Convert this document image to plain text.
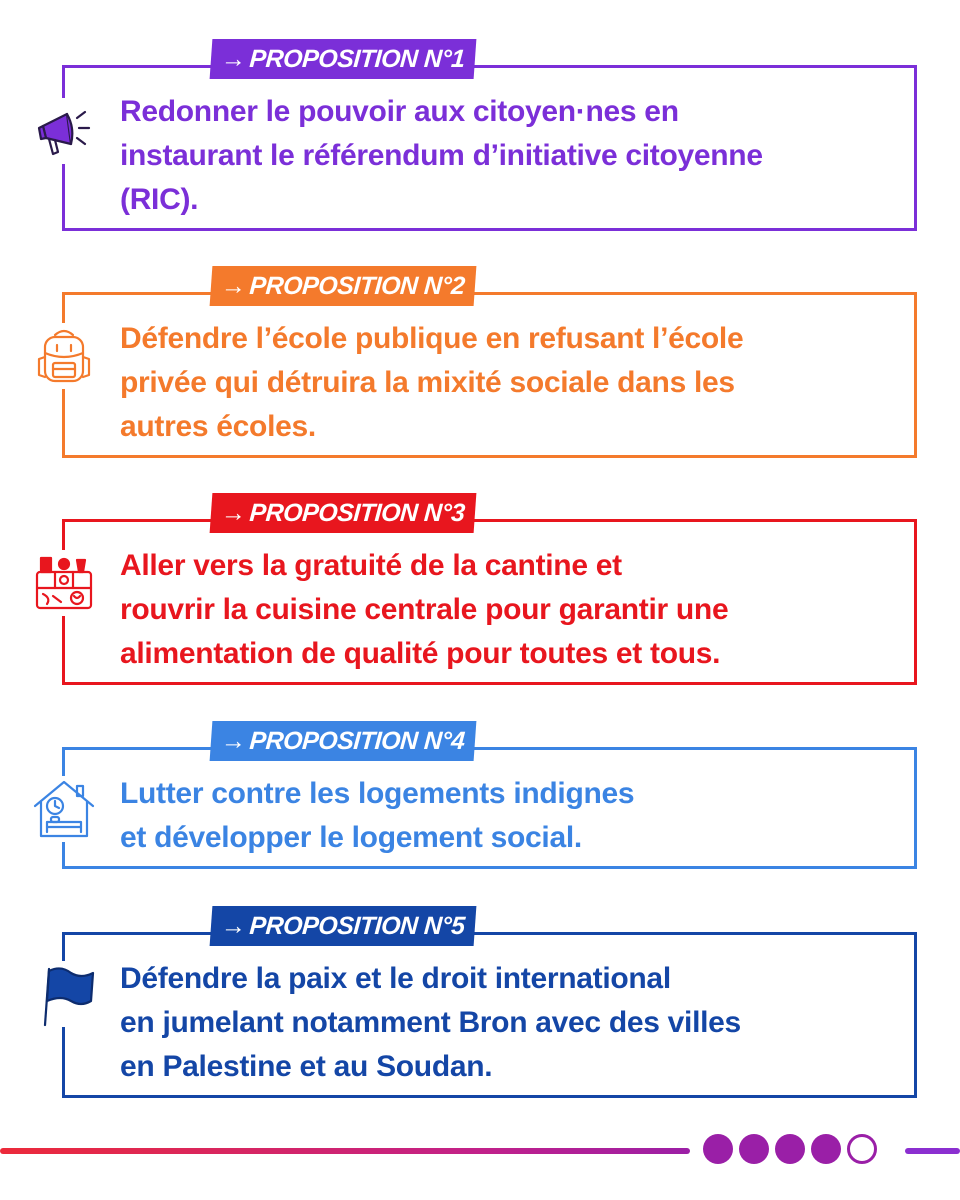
→PROPOSITION N°1
Redonner le pouvoir aux citoyen·nes en
instaurant le référendum d’initiative citoyenne
(RIC).
→PROPOSITION N°2
Défendre l’école publique en refusant l’école
privée qui détruira la mixité sociale dans les
autres écoles.
→PROPOSITION N°3
Aller vers la gratuité de la cantine et
rouvrir la cuisine centrale pour garantir une
alimentation de qualité pour toutes et tous.
→PROPOSITION N°4
Lutter contre les logements indignes
et développer le logement social.
→PROPOSITION N°5
Défendre la paix et le droit international
en jumelant notamment Bron avec des villes
en Palestine et au Soudan.
